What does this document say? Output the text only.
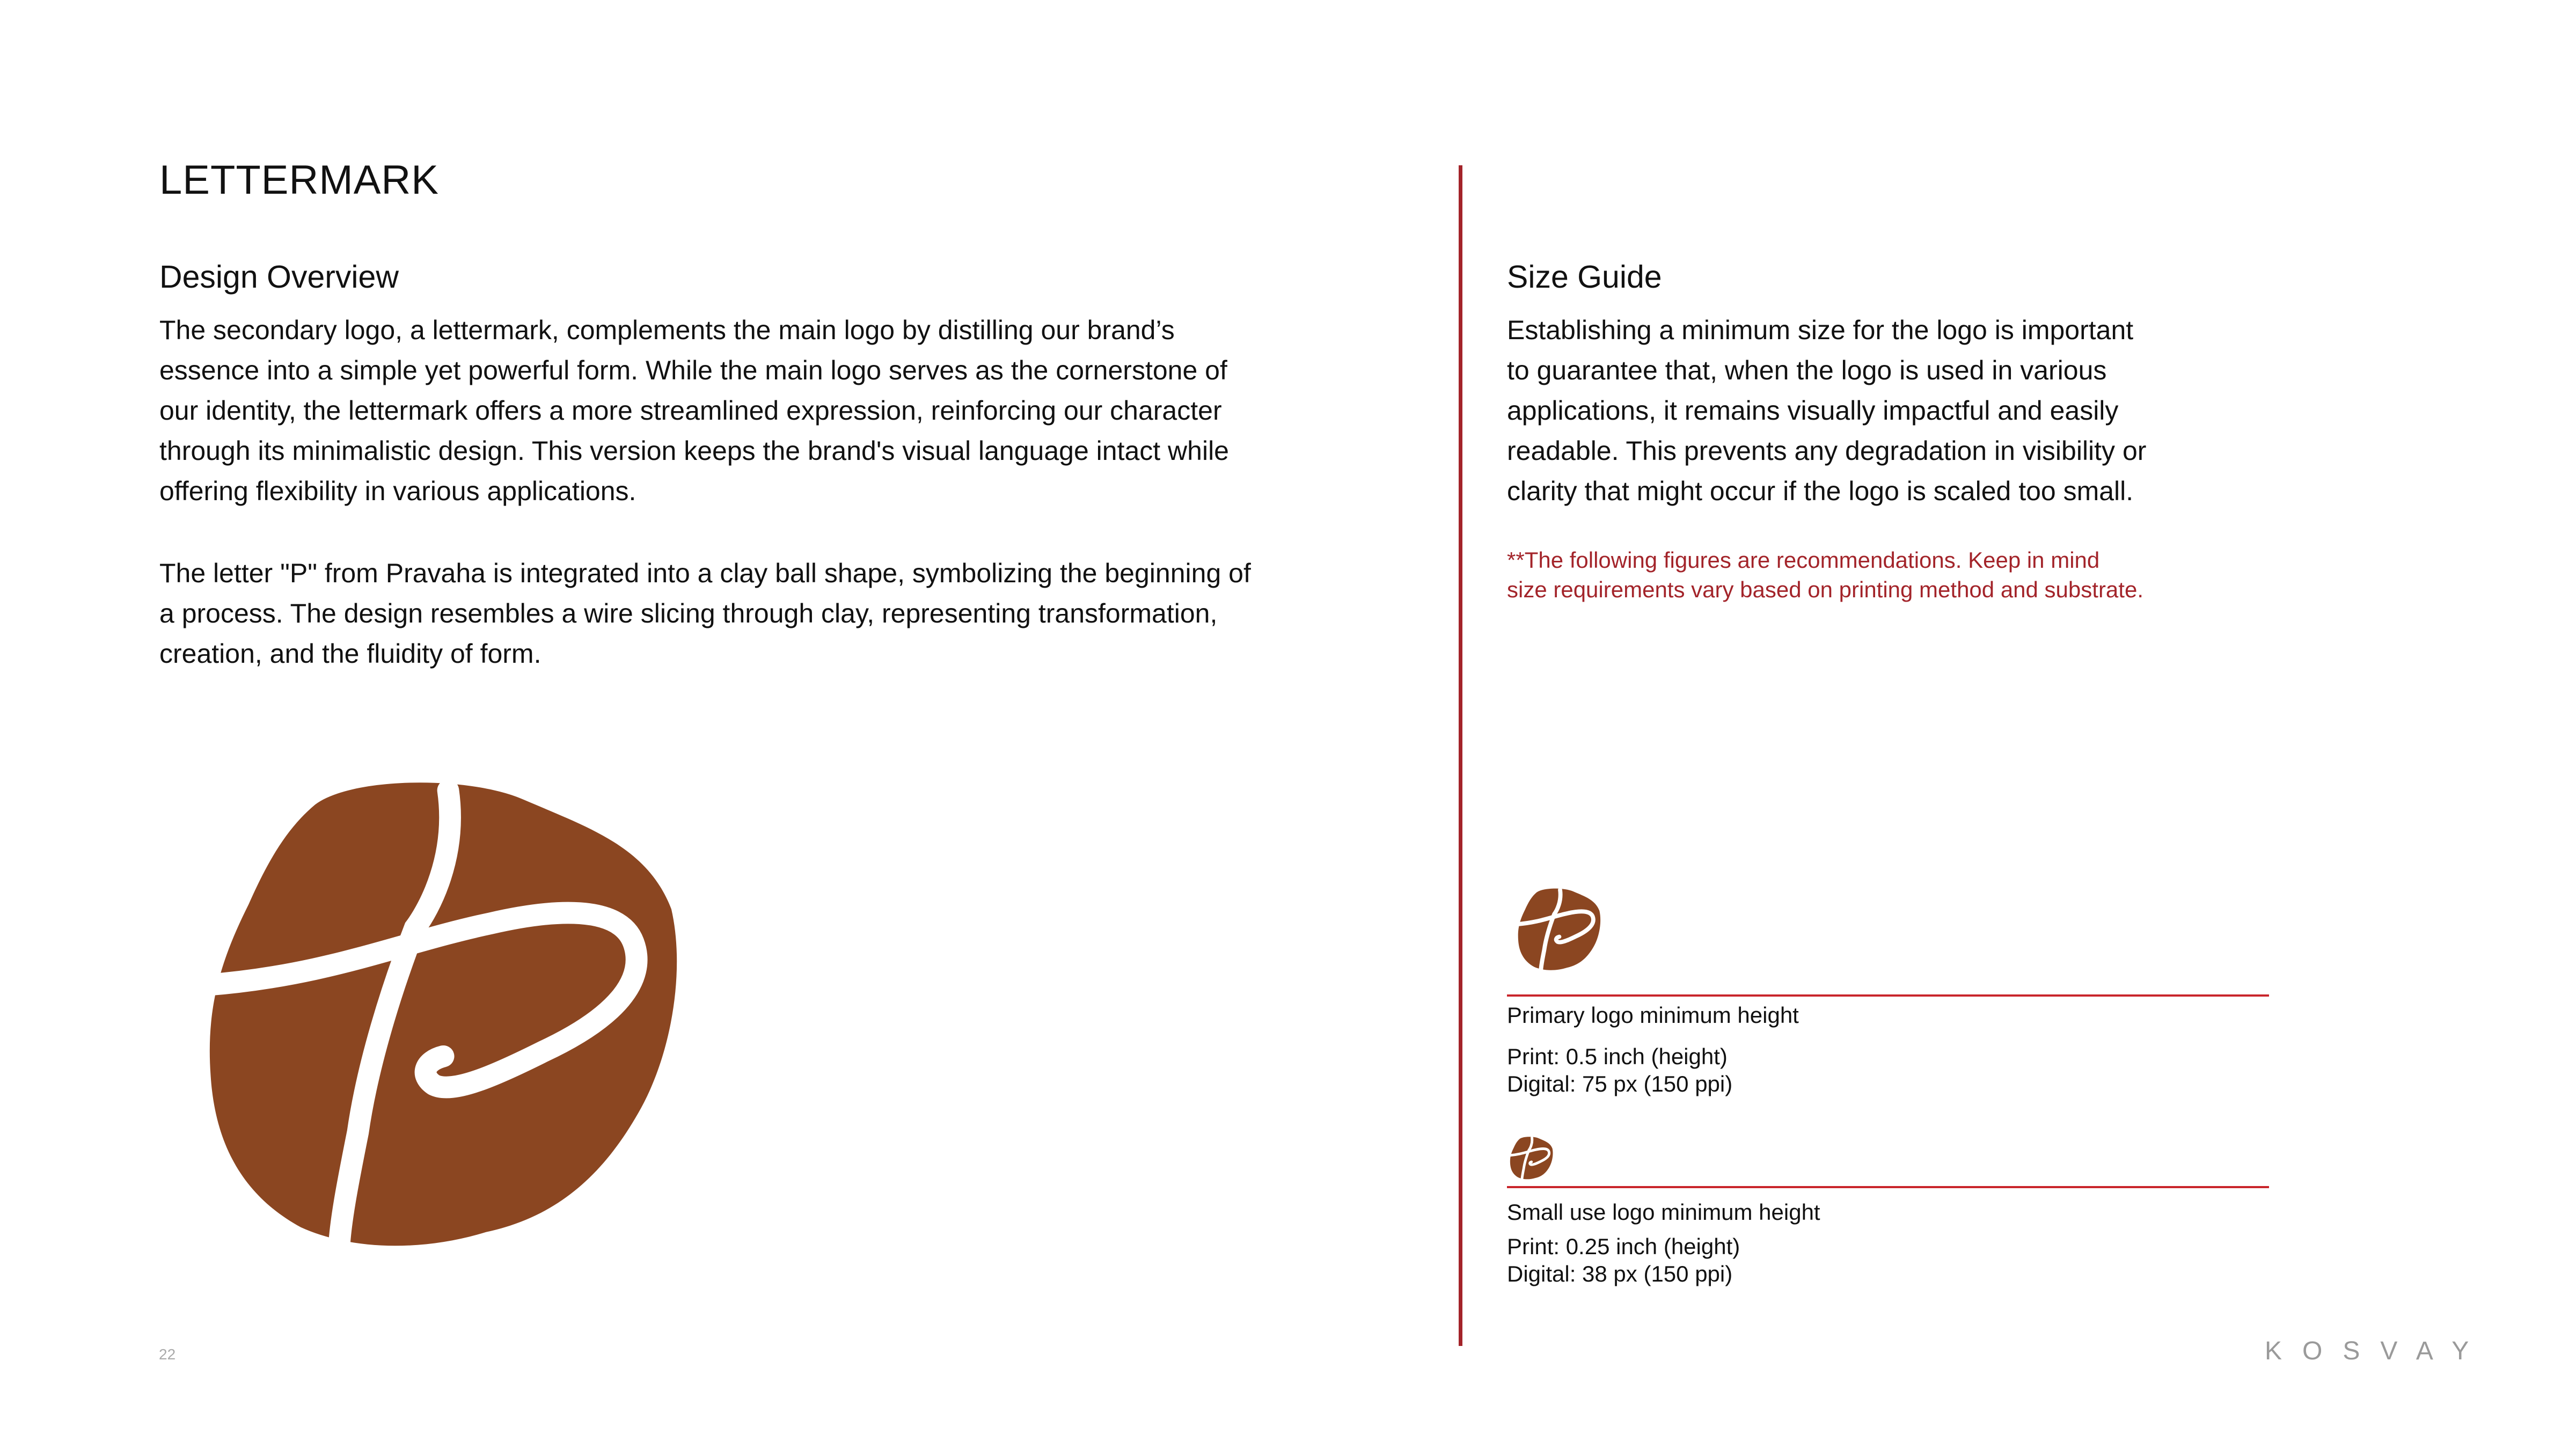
LETTERMARK
Design Overview

The secondary logo, a lettermark, complements the main logo by distilling our brand’s

essence into a simple yet powerful form. While the main logo serves as the cornerstone of

our identity, the lettermark offers a more streamlined expression, reinforcing our character

through its minimalistic design. This version keeps the brand's visual language intact while

offering flexibility in various applications.

The letter "P" from Pravaha is integrated into a clay ball shape, symbolizing the beginning of

a process. The design resembles a wire slicing through clay, representing transformation,

creation, and the fluidity of form.

Size Guide

Establishing a minimum size for the logo is important

to guarantee that, when the logo is used in various

applications, it remains visually impactful and easily

readable. This prevents any degradation in visibility or

clarity that might occur if the logo is scaled too small.

**The following figures are recommendations. Keep in mind

size requirements vary based on printing method and substrate.

Primary logo minimum height

Print: 0.5 inch (height)

Digital: 75 px (150 ppi)

Small use logo minimum height

Print: 0.25 inch (height)

Digital: 38 px (150 ppi)

22	KOSVAY
